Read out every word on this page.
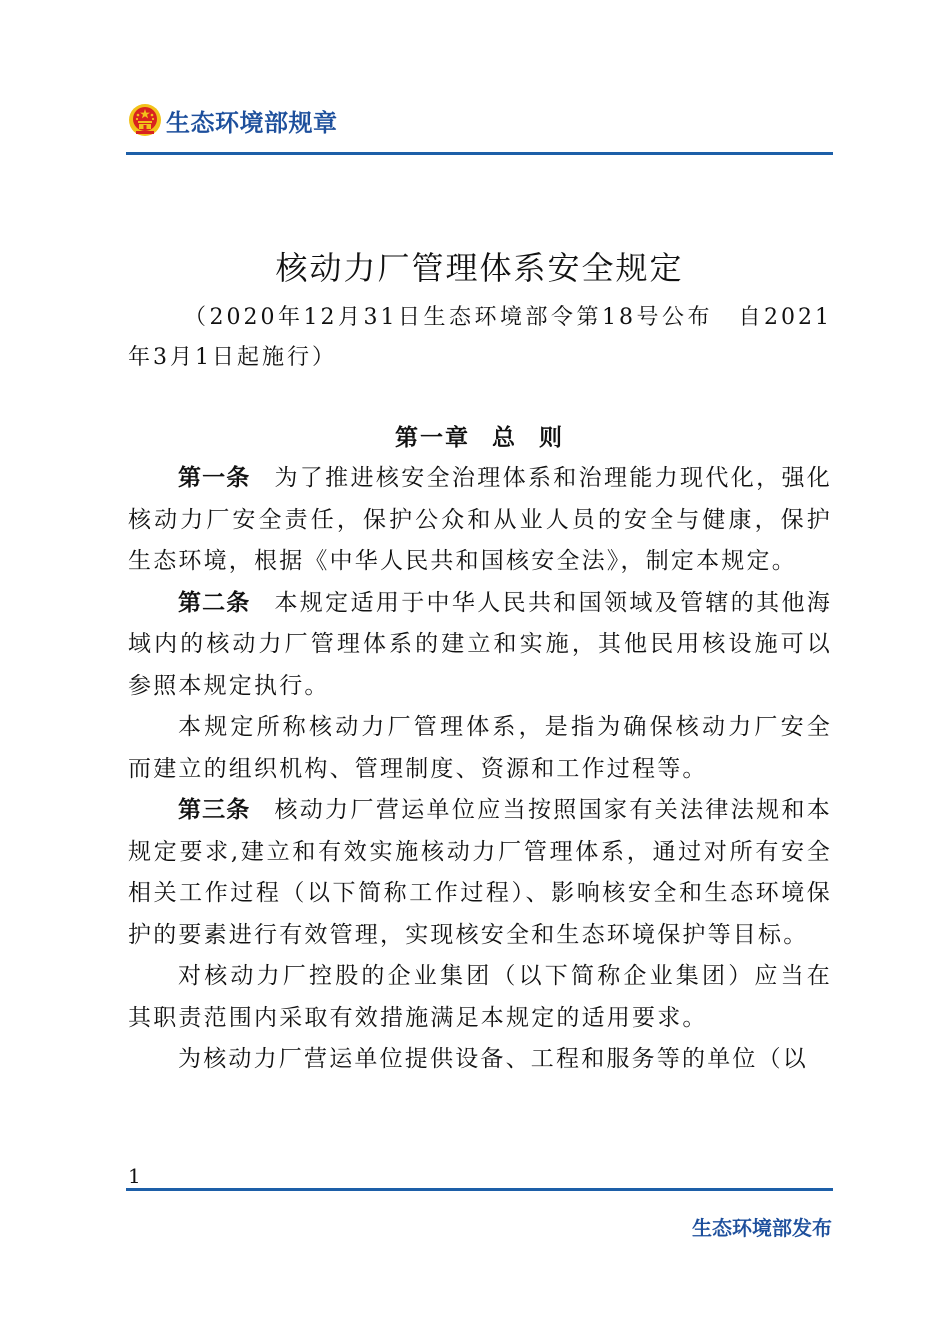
生态环境部规章
核动力厂管理体系安全规定
（2020年12月31日生态环境部令第18号公布　自2021年3月1日起施行）
第一章 总 则

第一条 为了推进核安全治理体系和治理能力现代化，强化核动力厂安全责任，保护公众和从业人员的安全与健康，保护生态环境，根据《中华人民共和国核安全法》，制定本规定。

第二条 本规定适用于中华人民共和国领域及管辖的其他海域内的核动力厂管理体系的建立和实施，其他民用核设施可以参照本规定执行。

本规定所称核动力厂管理体系，是指为确保核动力厂安全而建立的组织机构、管理制度、资源和工作过程等。

第三条 核动力厂营运单位应当按照国家有关法律法规和本规定要求,建立和有效实施核动力厂管理体系，通过对所有安全相关工作过程（以下简称工作过程）、影响核安全和生态环境保护的要素进行有效管理，实现核安全和生态环境保护等目标。

对核动力厂控股的企业集团（以下简称企业集团）应当在其职责范围内采取有效措施满足本规定的适用要求。

为核动力厂营运单位提供设备、工程和服务等的单位（以

1
生态环境部发布
